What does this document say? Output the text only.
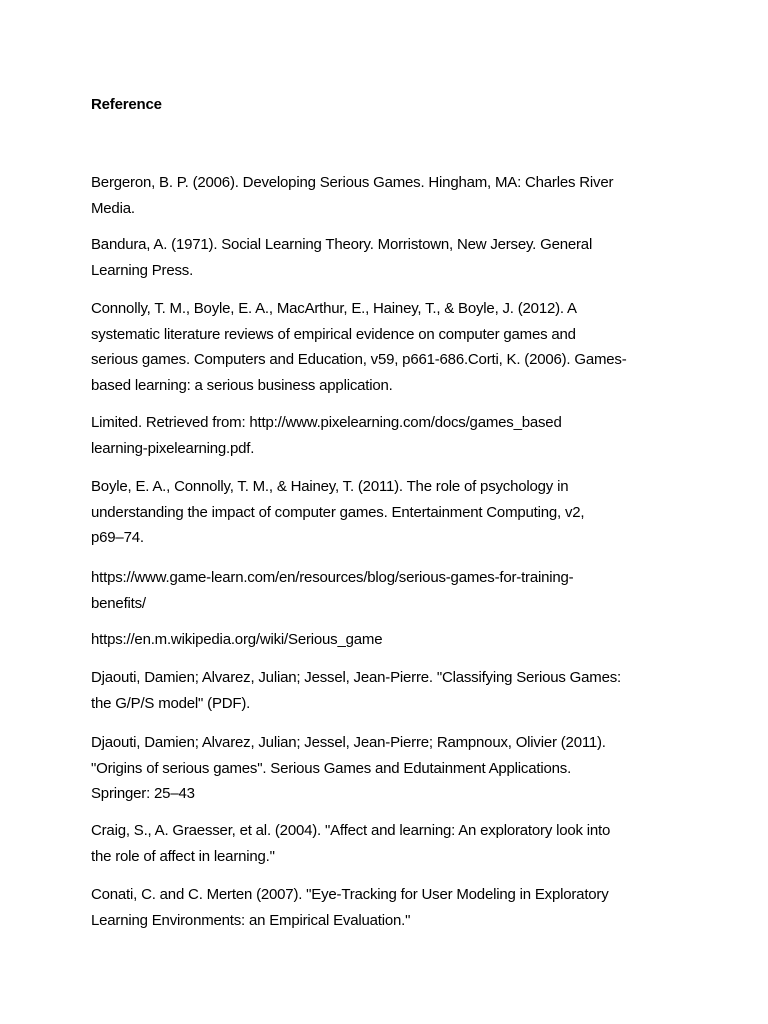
Reference
Bergeron, B. P. (2006). Developing Serious Games. Hingham, MA: Charles River
Media.
Bandura, A. (1971). Social Learning Theory. Morristown, New Jersey. General
Learning Press.
Connolly, T. M., Boyle, E. A., MacArthur, E., Hainey, T., & Boyle, J. (2012). A
systematic literature reviews of empirical evidence on computer games and
serious games. Computers and Education, v59, p661-686.Corti, K. (2006). Games-
based learning: a serious business application.
Limited. Retrieved from: http://www.pixelearning.com/docs/games_based
learning-pixelearning.pdf.
Boyle, E. A., Connolly, T. M., & Hainey, T. (2011). The role of psychology in
understanding the impact of computer games. Entertainment Computing, v2,
p69–74.
https://www.game-learn.com/en/resources/blog/serious-games-for-training-
benefits/
https://en.m.wikipedia.org/wiki/Serious_game
Djaouti, Damien; Alvarez, Julian; Jessel, Jean-Pierre. "Classifying Serious Games:
the G/P/S model" (PDF).
Djaouti, Damien; Alvarez, Julian; Jessel, Jean-Pierre; Rampnoux, Olivier (2011).
"Origins of serious games". Serious Games and Edutainment Applications.
Springer: 25–43
Craig, S., A. Graesser, et al. (2004). "Affect and learning: An exploratory look into
the role of affect in learning."
Conati, C. and C. Merten (2007). "Eye-Tracking for User Modeling in Exploratory
Learning Environments: an Empirical Evaluation."
